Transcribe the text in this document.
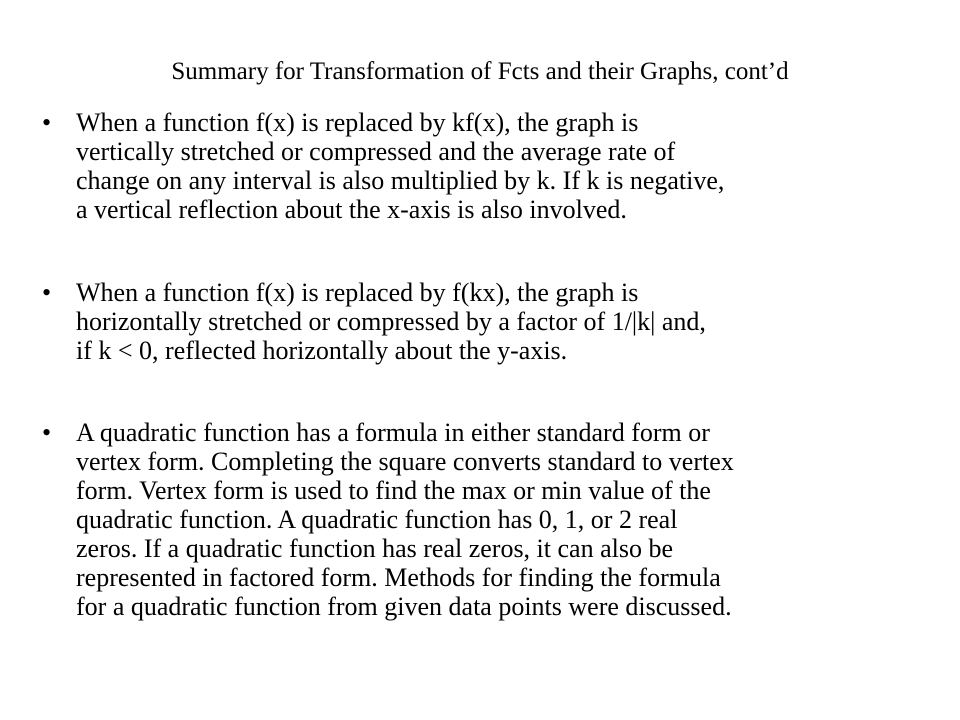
Summary for Transformation of Fcts and their Graphs, cont’d
• When a function f(x) is replaced by kf(x), the graph is
vertically stretched or compressed and the average rate of
change on any interval is also multiplied by k. If k is negative,
a vertical reflection about the x-axis is also involved.
• When a function f(x) is replaced by f(kx), the graph is
horizontally stretched or compressed by a factor of 1/|k| and,
if k < 0, reflected horizontally about the y-axis.
• A quadratic function has a formula in either standard form or
vertex form. Completing the square converts standard to vertex
form. Vertex form is used to find the max or min value of the
quadratic function. A quadratic function has 0, 1, or 2 real
zeros. If a quadratic function has real zeros, it can also be
represented in factored form. Methods for finding the formula
for a quadratic function from given data points were discussed.
